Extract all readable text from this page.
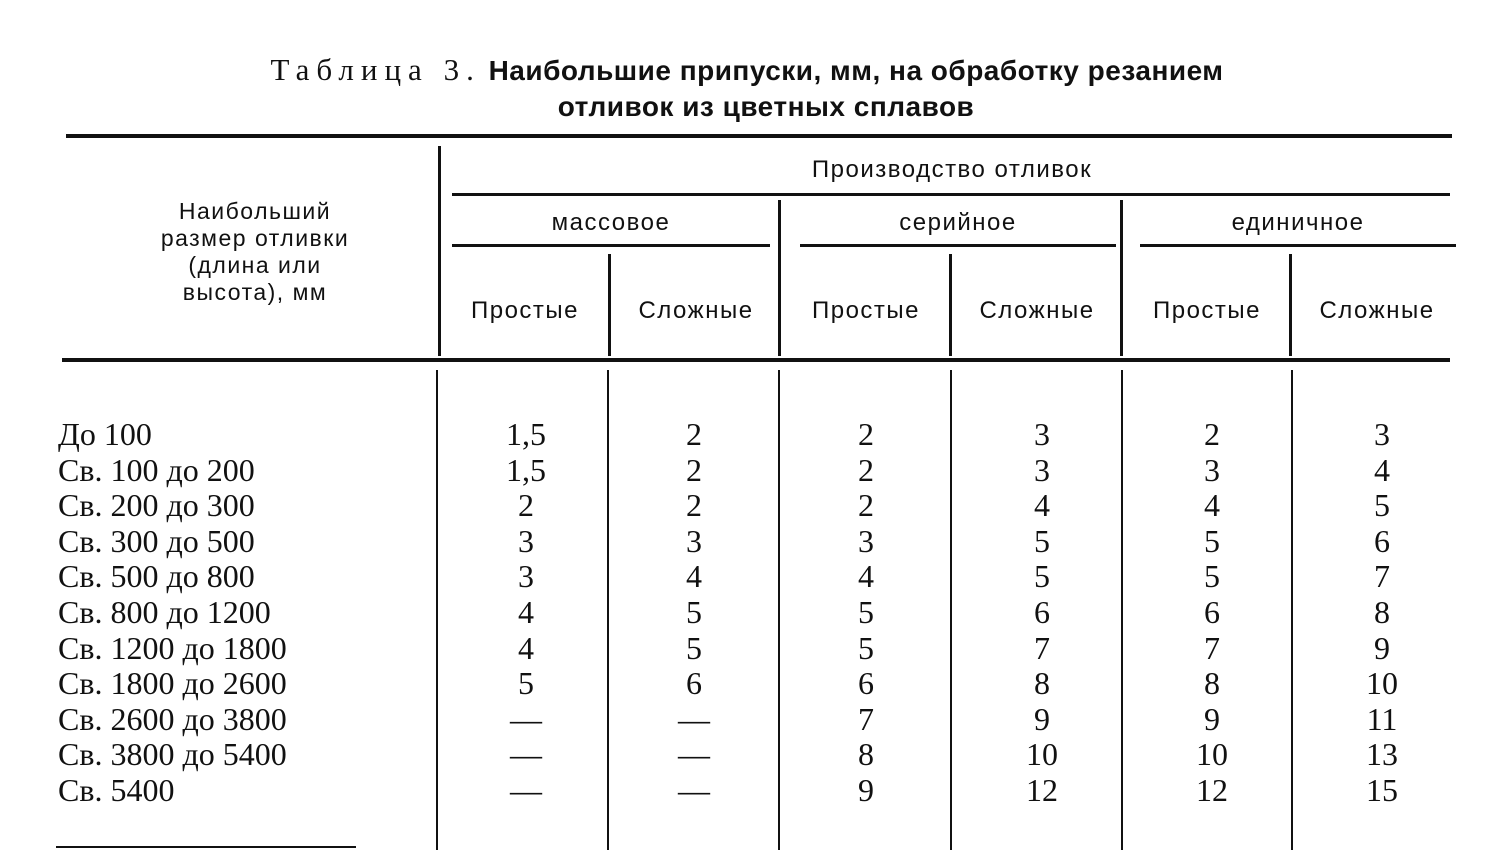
Таблица 3. Наибольшие припуски, мм, на обработку резанием
отливок из цветных сплавов
Наибольший
размер отливки
(длина или
высота), мм
Производство отливок
массовое	серийное	единичное
Простые	Сложные	Простые	Сложные	Простые	Сложные
До 100	1,5	2	2	3	2	3
Св. 100 до 200	1,5	2	2	3	3	4
Св. 200 до 300	2	2	2	4	4	5
Св. 300 до 500	3	3	3	5	5	6
Св. 500 до 800	3	4	4	5	5	7
Св. 800 до 1200	4	5	5	6	6	8
Св. 1200 до 1800	4	5	5	7	7	9
Св. 1800 до 2600	5	6	6	8	8	10
Св. 2600 до 3800	—	—	7	9	9	11
Св. 3800 до 5400	—	—	8	10	10	13
Св. 5400	—	—	9	12	12	15
